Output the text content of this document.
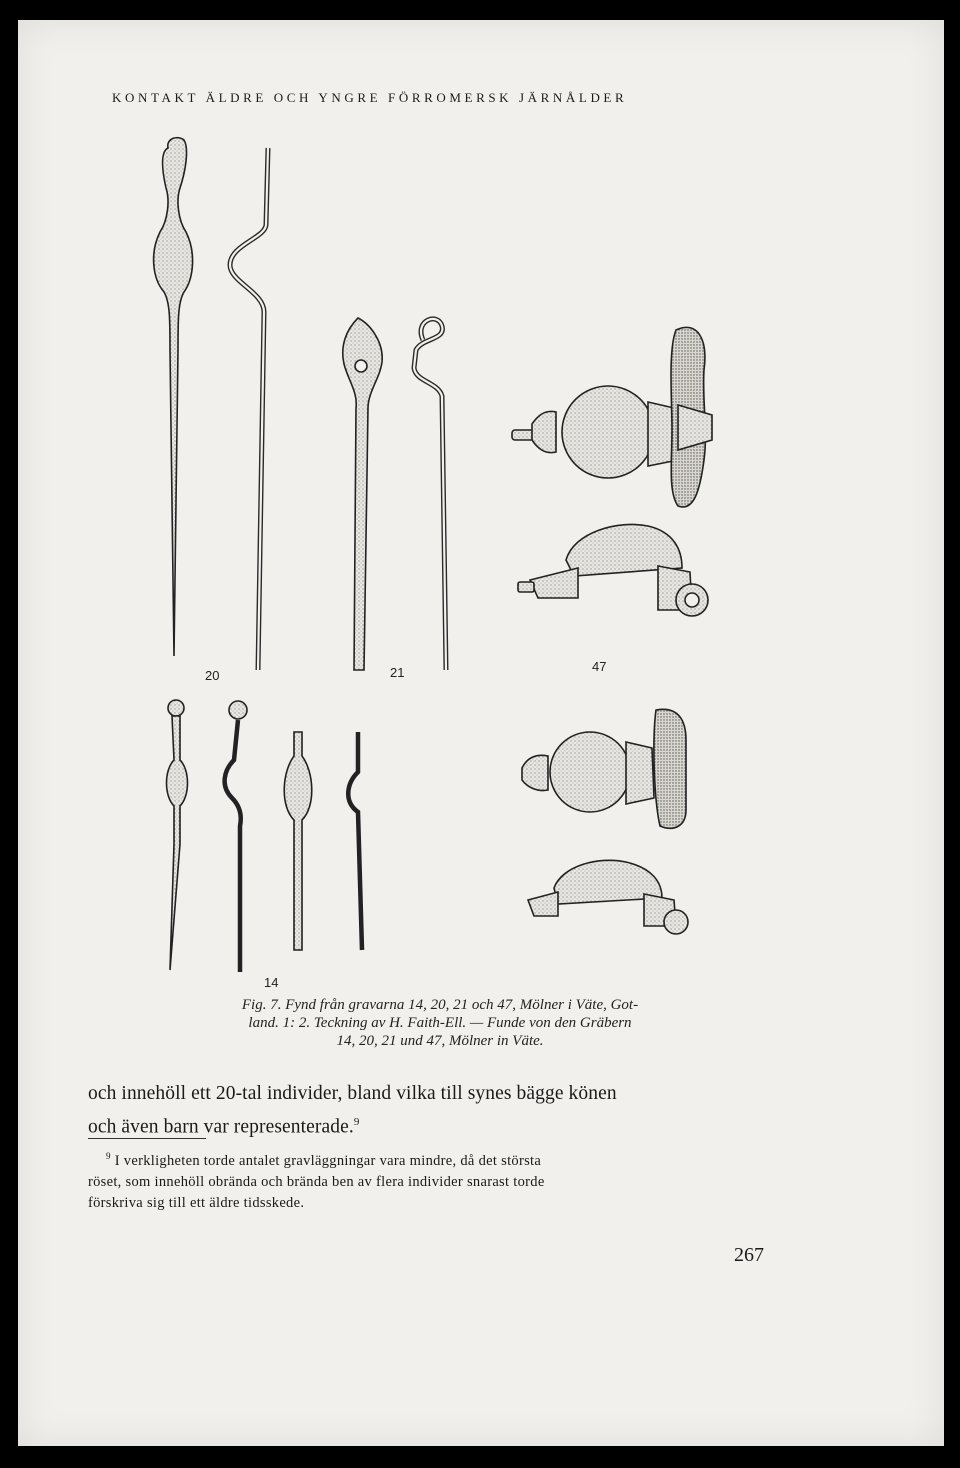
KONTAKT ÄLDRE OCH YNGRE FÖRROMERSK JÄRNÅLDER
20	21	47
14
Fig. 7. Fynd från gravarna 14, 20, 21 och 47, Mölner i Väte, Got-
land. 1: 2. Teckning av H. Faith-Ell. — Funde von den Gräbern
14, 20, 21 und 47, Mölner in Väte.
och innehöll ett 20-tal individer, bland vilka till synes bägge könen
och även barn var representerade.$^9$
$^9$ I verkligheten torde antalet gravläggningar vara mindre, då det största
röset, som innehöll obrända och brända ben av flera individer snarast torde
förskriva sig till ett äldre tidsskede.
267
